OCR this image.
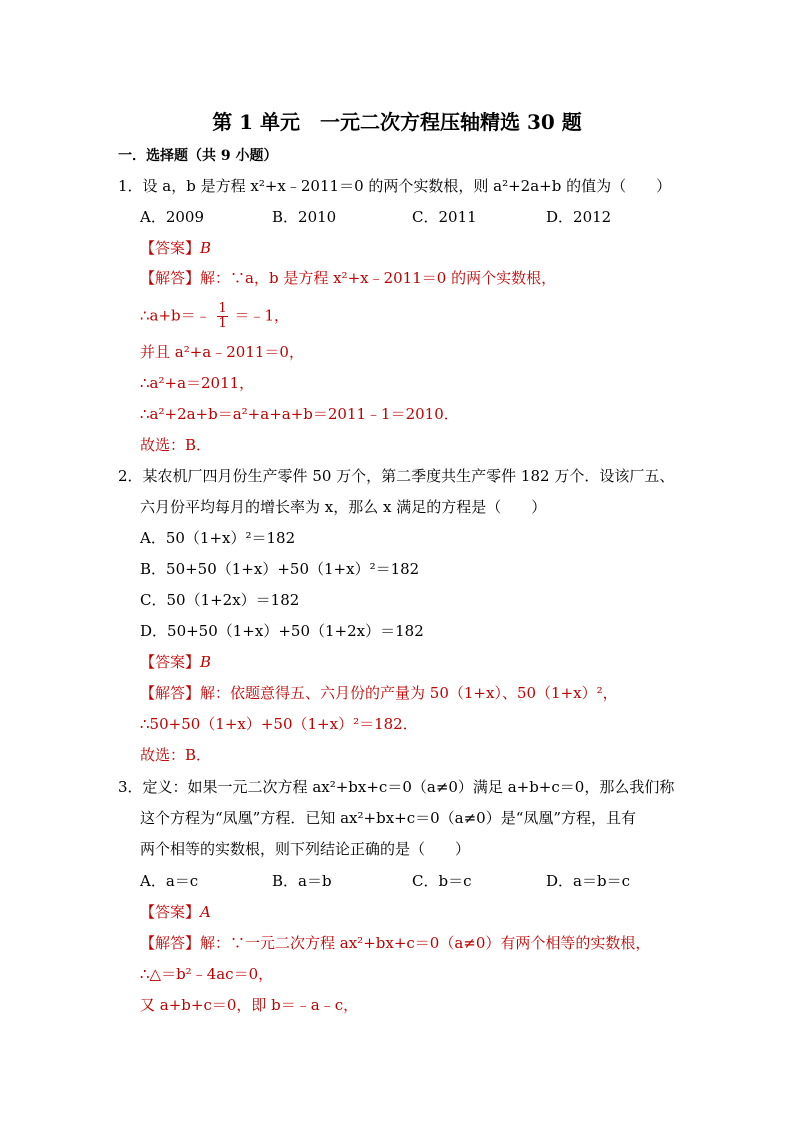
第 1 单元　一元二次方程压轴精选 30 题
一．选择题（共 9 小题）
1．设 a，b 是方程 x²+x﹣2011＝0 的两个实数根，则 a²+2a+b 的值为（　　）
A．2009	B．2010	C．2011	D．2012
【答案】B
【解答】解：∵a，b 是方程 x²+x﹣2011＝0 的两个实数根，
∴a+b＝﹣ $\frac{1}{1}$ ＝﹣1，
并且 a²+a﹣2011＝0，
∴a²+a＝2011，
∴a²+2a+b＝a²+a+a+b＝2011﹣1＝2010．
故选：B．
2．某农机厂四月份生产零件 50 万个，第二季度共生产零件 182 万个．设该厂五、
六月份平均每月的增长率为 x，那么 x 满足的方程是（　　）
A．50（1+x）²＝182
B．50+50（1+x）+50（1+x）²＝182
C．50（1+2x）＝182
D．50+50（1+x）+50（1+2x）＝182
【答案】B
【解答】解：依题意得五、六月份的产量为 50（1+x）、50（1+x）²，
∴50+50（1+x）+50（1+x）²＝182．
故选：B．
3．定义：如果一元二次方程 ax²+bx+c＝0（a≠0）满足 a+b+c＝0，那么我们称
这个方程为“凤凰”方程．已知 ax²+bx+c＝0（a≠0）是“凤凰”方程，且有
两个相等的实数根，则下列结论正确的是（　　）
A．a＝c	B．a＝b	C．b＝c	D．a＝b＝c
【答案】A
【解答】解：∵一元二次方程 ax²+bx+c＝0（a≠0）有两个相等的实数根，
∴△＝b²﹣4ac＝0，
又 a+b+c＝0，即 b＝﹣a﹣c，
